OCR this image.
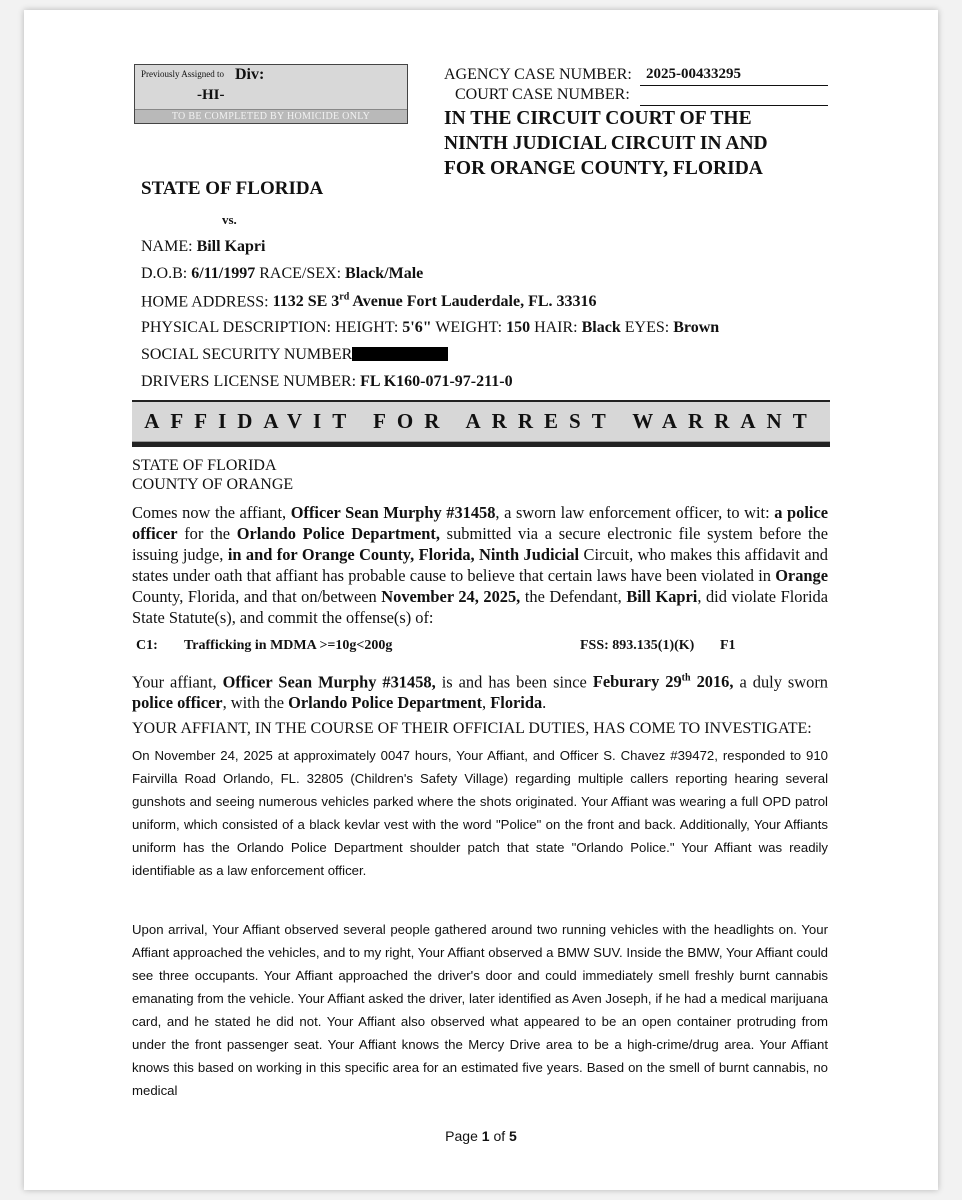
Previously Assigned to Div:
-HI-
TO BE COMPLETED BY HOMICIDE ONLY
AGENCY CASE NUMBER: 2025-00433295
COURT CASE NUMBER:
IN THE CIRCUIT COURT OF THE
NINTH JUDICIAL CIRCUIT IN AND
FOR ORANGE COUNTY, FLORIDA
STATE OF FLORIDA
vs.
NAME: Bill Kapri
D.O.B: 6/11/1997 RACE/SEX: Black/Male
HOME ADDRESS: 1132 SE 3rd Avenue Fort Lauderdale, FL. 33316
PHYSICAL DESCRIPTION: HEIGHT: 5'6" WEIGHT: 150 HAIR: Black EYES: Brown
SOCIAL SECURITY NUMBER
DRIVERS LICENSE NUMBER: FL K160-071-97-211-0
AFFIDAVIT FOR ARREST WARRANT
STATE OF FLORIDA
COUNTY OF ORANGE
Comes now the affiant, Officer Sean Murphy #31458, a sworn law enforcement officer, to wit: a police officer for the Orlando Police Department, submitted via a secure electronic file system before the issuing judge, in and for Orange County, Florida, Ninth Judicial Circuit, who makes this affidavit and states under oath that affiant has probable cause to believe that certain laws have been violated in Orange County, Florida, and that on/between November 24, 2025, the Defendant, Bill Kapri, did violate Florida State Statute(s), and commit the offense(s) of:
C1: Trafficking in MDMA >=10g<200g	FSS: 893.135(1)(K) F1
Your affiant, Officer Sean Murphy #31458, is and has been since Feburary 29th 2016, a duly sworn police officer, with the Orlando Police Department, Florida.
YOUR AFFIANT, IN THE COURSE OF THEIR OFFICIAL DUTIES, HAS COME TO INVESTIGATE:
On November 24, 2025 at approximately 0047 hours, Your Affiant, and Officer S. Chavez #39472, responded to 910 Fairvilla Road Orlando, FL. 32805 (Children's Safety Village) regarding multiple callers reporting hearing several gunshots and seeing numerous vehicles parked where the shots originated. Your Affiant was wearing a full OPD patrol uniform, which consisted of a black kevlar vest with the word "Police" on the front and back. Additionally, Your Affiants uniform has the Orlando Police Department shoulder patch that state "Orlando Police." Your Affiant was readily identifiable as a law enforcement officer.
Upon arrival, Your Affiant observed several people gathered around two running vehicles with the headlights on. Your Affiant approached the vehicles, and to my right, Your Affiant observed a BMW SUV. Inside the BMW, Your Affiant could see three occupants. Your Affiant approached the driver's door and could immediately smell freshly burnt cannabis emanating from the vehicle. Your Affiant asked the driver, later identified as Aven Joseph, if he had a medical marijuana card, and he stated he did not. Your Affiant also observed what appeared to be an open container protruding from under the front passenger seat. Your Affiant knows the Mercy Drive area to be a high-crime/drug area. Your Affiant knows this based on working in this specific area for an estimated five years. Based on the smell of burnt cannabis, no medical
Page 1 of 5
